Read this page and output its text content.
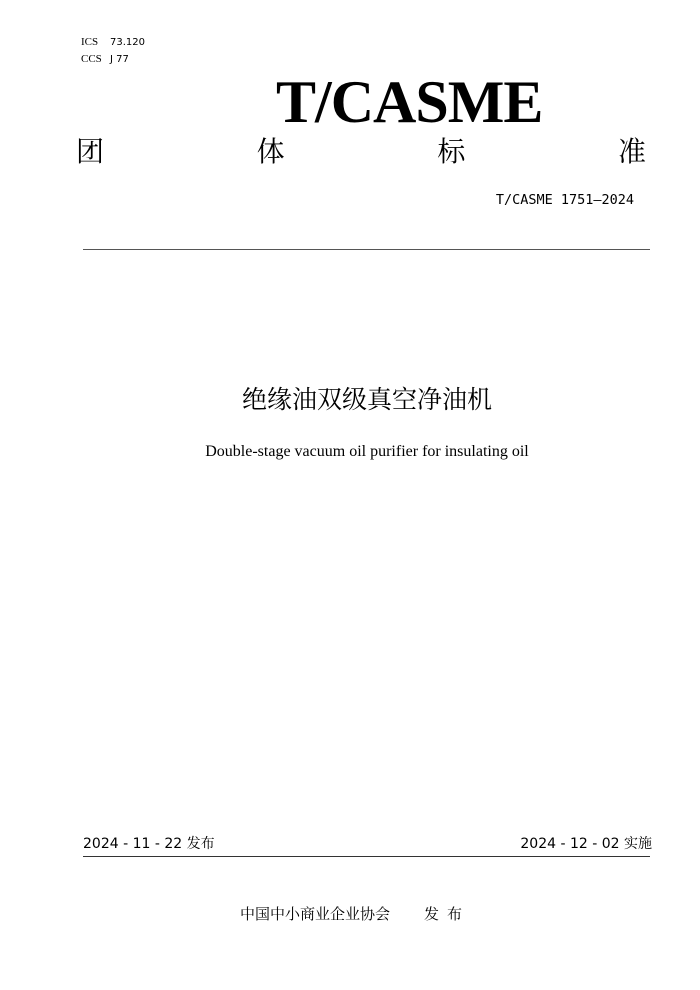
ICS 73.120
CCS J 77
T/CASME
团	体	标	准
T/CASME 1751—2024
绝缘油双级真空净油机
Double-stage vacuum oil purifier for insulating oil
2024 - 11 - 22 发布	2024 - 12 - 02 实施
中国中小商业企业协会 发布
